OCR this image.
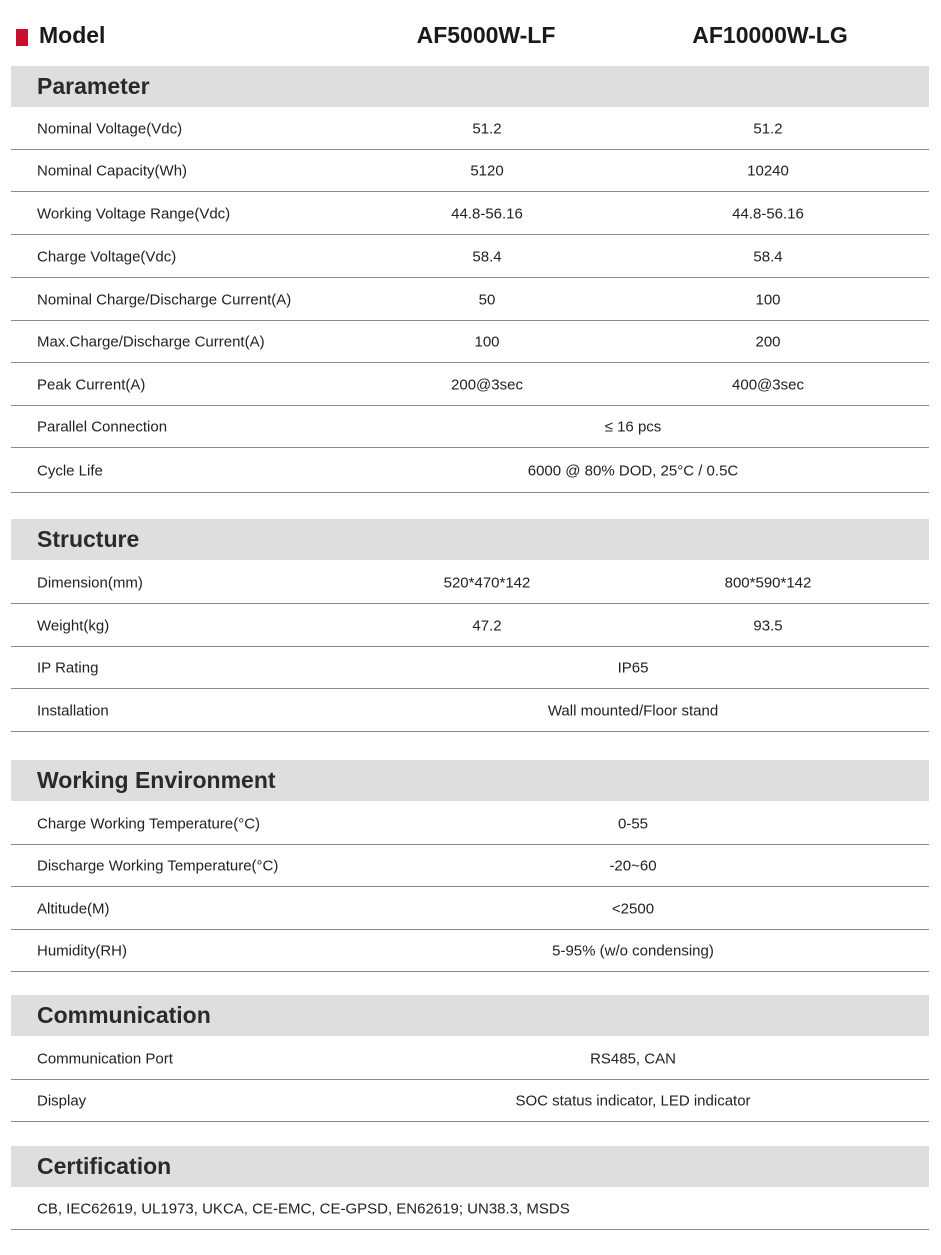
Model	AF5000W-LF	AF10000W-LG
Parameter
Nominal Voltage(Vdc)	51.2	51.2
Nominal Capacity(Wh)	5120	10240
Working Voltage Range(Vdc)	44.8-56.16	44.8-56.16
Charge Voltage(Vdc)	58.4	58.4
Nominal Charge/Discharge Current(A)	50	100
Max.Charge/Discharge Current(A)	100	200
Peak Current(A)	200@3sec	400@3sec
Parallel Connection	≤ 16 pcs
Cycle Life	6000 @ 80% DOD, 25°C / 0.5C
Structure
Dimension(mm)	520*470*142	800*590*142
Weight(kg)	47.2	93.5
IP Rating	IP65
Installation	Wall mounted/Floor stand
Working Environment
Charge Working Temperature(°C)	0-55
Discharge Working Temperature(°C)	-20~60
Altitude(M)	<2500
Humidity(RH)	5-95% (w/o condensing)
Communication
Communication Port	RS485, CAN
Display	SOC status indicator, LED indicator
Certification
CB, IEC62619, UL1973, UKCA, CE-EMC, CE-GPSD, EN62619; UN38.3, MSDS
